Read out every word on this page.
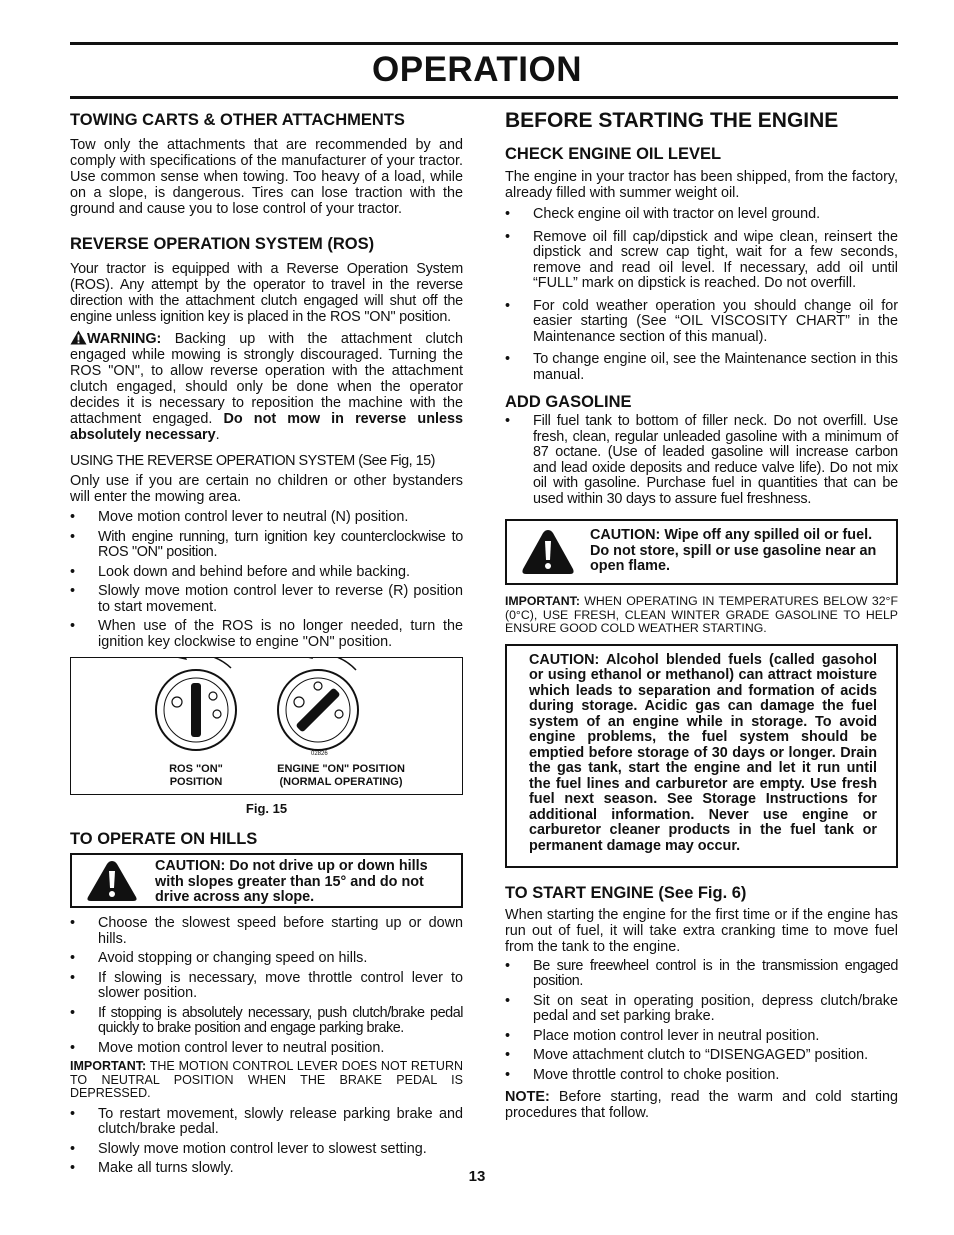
OPERATION
TOWING CARTS & OTHER ATTACHMENTS

Tow only the attachments that are recommended by and comply with specifications of the manufacturer of your tractor. Use common sense when towing. Too heavy of a load, while on a slope, is dangerous. Tires can lose traction with the ground and cause you to lose control of your tractor.

REVERSE OPERATION SYSTEM (ROS)

Your tractor is equipped with a Reverse Operation System (ROS). Any attempt by the operator to travel in the reverse direction with the attachment clutch engaged will shut off the engine unless ignition key is placed in the ROS "ON" position.

WARNING: Backing up with the attachment clutch engaged while mowing is strongly discouraged. Turning the ROS "ON", to allow reverse operation with the attachment clutch engaged, should only be done when the operator decides it is necessary to reposition the machine with the attachment engaged. Do not mow in reverse unless absolutely necessary.

USING THE REVERSE OPERATION SYSTEM (See Fig, 15)

Only use if you are certain no children or other bystanders will enter the mowing area.

• Move motion control lever to neutral (N) position.
• With engine running, turn ignition key counterclockwise to ROS "ON" position.
• Look down and behind before and while backing.
• Slowly move motion control lever to reverse (R) position to start movement.
• When use of the ROS is no longer needed, turn the ignition key clockwise to engine "ON" position.
02826
ROS "ON"
POSITION
ENGINE "ON" POSITION
(NORMAL OPERATING)
Fig. 15
TO OPERATE ON HILLS
CAUTION: Do not drive up or down hills with slopes greater than 15° and do not drive across any slope.
• Choose the slowest speed before starting up or down hills.
• Avoid stopping or changing speed on hills.
• If slowing is necessary, move throttle control lever to slower position.
• If stopping is absolutely necessary, push clutch/brake pedal quickly to brake position and engage parking brake.
• Move motion control lever to neutral position.

IMPORTANT: THE MOTION CONTROL LEVER DOES NOT RETURN TO NEUTRAL POSITION WHEN THE BRAKE PEDAL IS DEPRESSED.

• To restart movement, slowly release parking brake and clutch/brake pedal.
• Slowly move motion control lever to slowest setting.
• Make all turns slowly.
BEFORE STARTING THE ENGINE
CHECK ENGINE OIL LEVEL

The engine in your tractor has been shipped, from the factory, already filled with summer weight oil.

• Check engine oil with tractor on level ground.
• Remove oil fill cap/dipstick and wipe clean, reinsert the dipstick and screw cap tight, wait for a few seconds, remove and read oil level. If necessary, add oil until “FULL” mark on dipstick is reached. Do not overfill.
• For cold weather operation you should change oil for easier starting (See “OIL VISCOSITY CHART” in the Maintenance section of this manual).
• To change engine oil, see the Maintenance section in this manual.
ADD GASOLINE
• Fill fuel tank to bottom of filler neck. Do not overfill. Use fresh, clean, regular unleaded gasoline with a minimum of 87 octane. (Use of leaded gasoline will increase carbon and lead oxide deposits and reduce valve life). Do not mix oil with gasoline. Purchase fuel in quantities that can be used within 30 days to assure fuel freshness.
CAUTION: Wipe off any spilled oil or fuel. Do not store, spill or use gasoline near an open flame.

IMPORTANT: WHEN OPERATING IN TEMPERATURES BELOW 32°F (0°C), USE FRESH, CLEAN WINTER GRADE GASOLINE TO HELP ENSURE GOOD COLD WEATHER STARTING.

CAUTION: Alcohol blended fuels (called gasohol or using ethanol or methanol) can attract moisture which leads to separation and formation of acids during storage. Acidic gas can damage the fuel system of an engine while in storage. To avoid engine problems, the fuel system should be emptied before storage of 30 days or longer. Drain the gas tank, start the engine and let it run until the fuel lines and carburetor are empty. Use fresh fuel next season. See Storage Instructions for additional information. Never use engine or carburetor cleaner products in the fuel tank or permanent damage may occur.
TO START ENGINE (See Fig. 6)

When starting the engine for the first time or if the engine has run out of fuel, it will take extra cranking time to move fuel from the tank to the engine.

• Be sure freewheel control is in the transmission engaged position.
• Sit on seat in operating position, depress clutch/brake pedal and set parking brake.
• Place motion control lever in neutral position.
• Move attachment clutch to “DISENGAGED” position.
• Move throttle control to choke position.

NOTE: Before starting, read the warm and cold starting procedures that follow.

13
